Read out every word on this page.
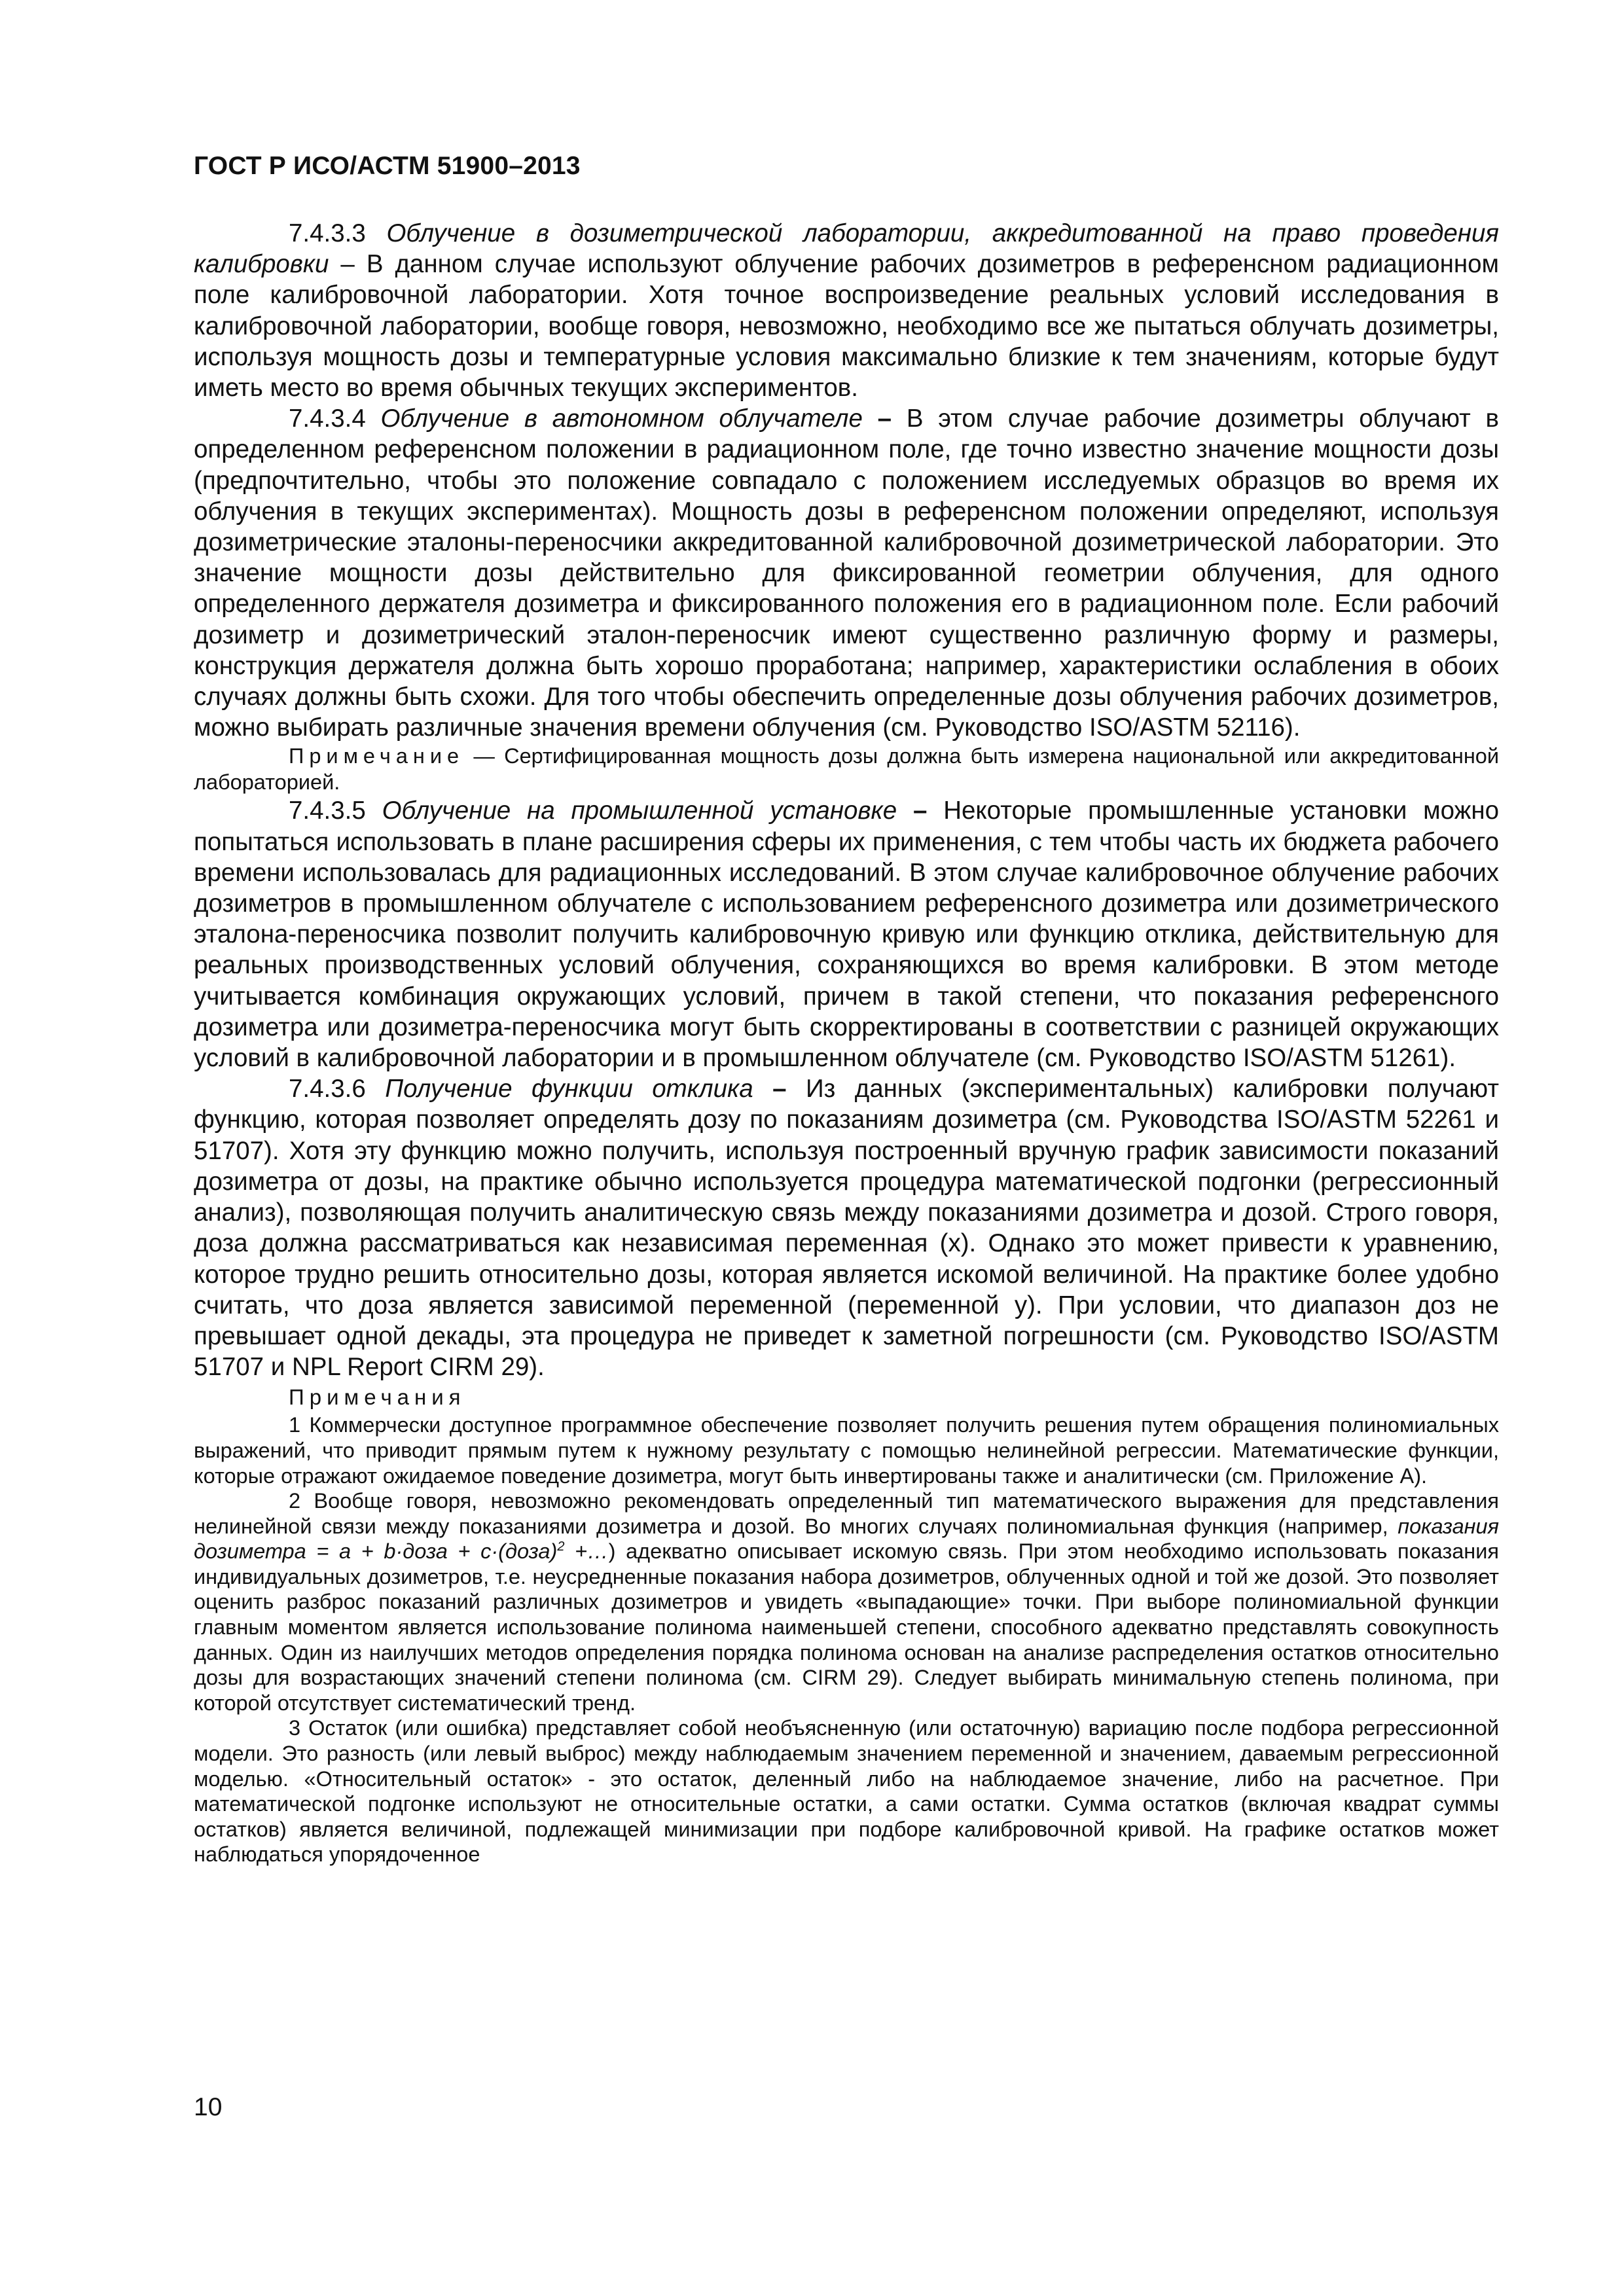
ГОСТ Р ИСО/АСТМ 51900–2013

7.4.3.3 Облучение в дозиметрической лаборатории, аккредитованной на право проведения калибровки – В данном случае используют облучение рабочих дозиметров в референсном радиационном поле калибровочной лаборатории. Хотя точное воспроизведение реальных условий исследования в калибровочной лаборатории, вообще говоря, невозможно, необходимо все же пытаться облучать дозиметры, используя мощность дозы и температурные условия максимально близкие к тем значениям, которые будут иметь место во время обычных текущих экспериментов.

7.4.3.4 Облучение в автономном облучателе – В этом случае рабочие дозиметры облучают в определенном референсном положении в радиационном поле, где точно известно значение мощности дозы (предпочтительно, чтобы это положение совпадало с положением исследуемых образцов во время их облучения в текущих экспериментах). Мощность дозы в референсном положении определяют, используя дозиметрические эталоны-переносчики аккредитованной калибровочной дозиметрической лаборатории. Это значение мощности дозы действительно для фиксированной геометрии облучения, для одного определенного держателя дозиметра и фиксированного положения его в радиационном поле. Если рабочий дозиметр и дозиметрический эталон-переносчик имеют существенно различную форму и размеры, конструкция держателя должна быть хорошо проработана; например, характеристики ослабления в обоих случаях должны быть схожи. Для того чтобы обеспечить определенные дозы облучения рабочих дозиметров, можно выбирать различные значения времени облучения (см. Руководство ISO/ASTM 52116).

Примечание — Сертифицированная мощность дозы должна быть измерена национальной или аккредитованной лабораторией.

7.4.3.5 Облучение на промышленной установке – Некоторые промышленные установки можно попытаться использовать в плане расширения сферы их применения, с тем чтобы часть их бюджета рабочего времени использовалась для радиационных исследований. В этом случае калибровочное облучение рабочих дозиметров в промышленном облучателе с использованием референсного дозиметра или дозиметрического эталона-переносчика позволит получить калибровочную кривую или функцию отклика, действительную для реальных производственных условий облучения, сохраняющихся во время калибровки. В этом методе учитывается комбинация окружающих условий, причем в такой степени, что показания референсного дозиметра или дозиметра-переносчика могут быть скорректированы в соответствии с разницей окружающих условий в калибровочной лаборатории и в промышленном облучателе (см. Руководство ISO/ASTM 51261).

7.4.3.6 Получение функции отклика – Из данных (экспериментальных) калибровки получают функцию, которая позволяет определять дозу по показаниям дозиметра (см. Руководства ISO/ASTM 52261 и 51707). Хотя эту функцию можно получить, используя построенный вручную график зависимости показаний дозиметра от дозы, на практике обычно используется процедура математической подгонки (регрессионный анализ), позволяющая получить аналитическую связь между показаниями дозиметра и дозой. Строго говоря, доза должна рассматриваться как независимая переменная (x). Однако это может привести к уравнению, которое трудно решить относительно дозы, которая является искомой величиной. На практике более удобно считать, что доза является зависимой переменной (переменной y). При условии, что диапазон доз не превышает одной декады, эта процедура не приведет к заметной погрешности (см. Руководство ISO/ASTM 51707 и NPL Report CIRM 29).

Примечания

1 Коммерчески доступное программное обеспечение позволяет получить решения путем обращения полиномиальных выражений, что приводит прямым путем к нужному результату с помощью нелинейной регрессии. Математические функции, которые отражают ожидаемое поведение дозиметра, могут быть инвертированы также и аналитически (см. Приложение А).

2 Вообще говоря, невозможно рекомендовать определенный тип математического выражения для представления нелинейной связи между показаниями дозиметра и дозой. Во многих случаях полиномиальная функция (например, показания дозиметра = a + b·доза + c·(доза)$^2$ +…) адекватно описывает искомую связь. При этом необходимо использовать показания индивидуальных дозиметров, т.е. неусредненные показания набора дозиметров, облученных одной и той же дозой. Это позволяет оценить разброс показаний различных дозиметров и увидеть «выпадающие» точки. При выборе полиномиальной функции главным моментом является использование полинома наименьшей степени, способного адекватно представлять совокупность данных. Один из наилучших методов определения порядка полинома основан на анализе распределения остатков относительно дозы для возрастающих значений степени полинома (см. CIRM 29). Следует выбирать минимальную степень полинома, при которой отсутствует систематический тренд.

3 Остаток (или ошибка) представляет собой необъясненную (или остаточную) вариацию после подбора регрессионной модели. Это разность (или левый выброс) между наблюдаемым значением переменной и значением, даваемым регрессионной моделью. «Относительный остаток» - это остаток, деленный либо на наблюдаемое значение, либо на расчетное. При математической подгонке используют не относительные остатки, а сами остатки. Сумма остатков (включая квадрат суммы остатков) является величиной, подлежащей минимизации при подборе калибровочной кривой. На графике остатков может наблюдаться упорядоченное

10
